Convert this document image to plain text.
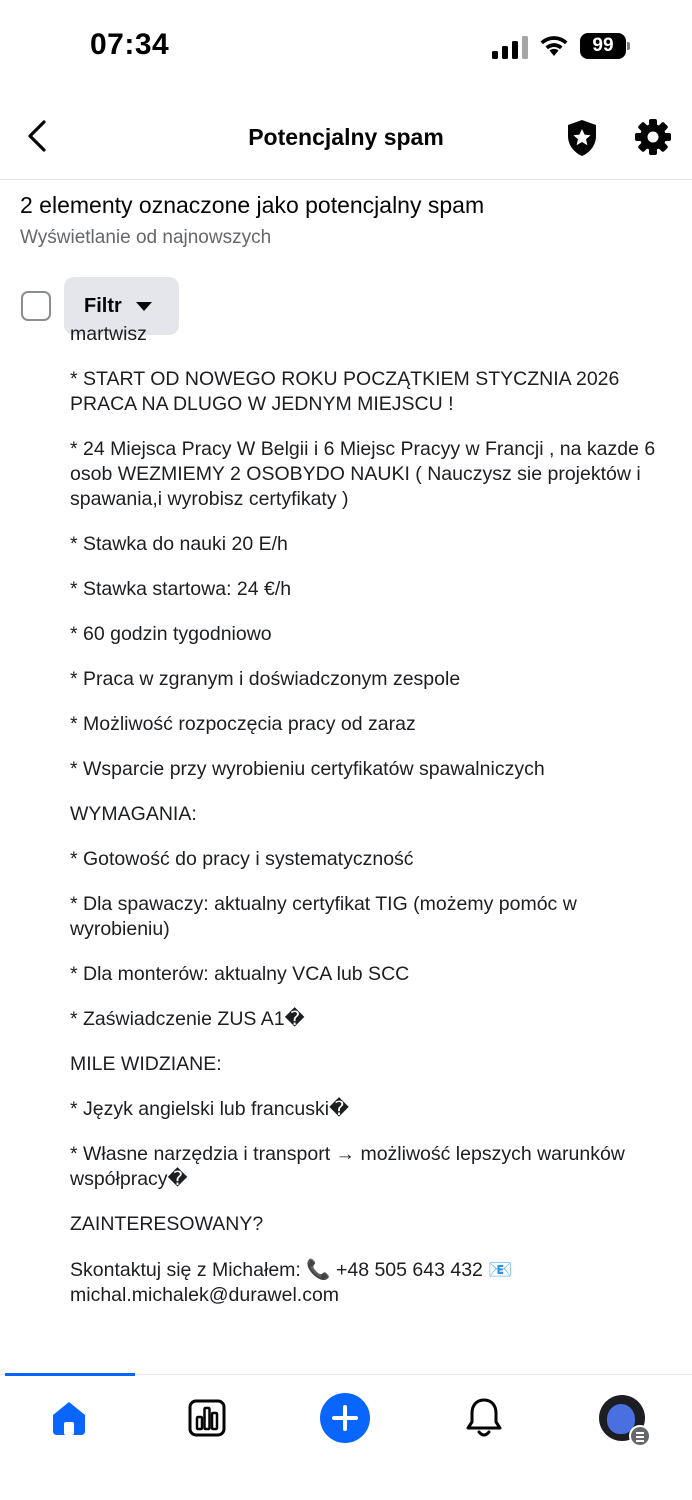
07:34	99
Potencjalny spam
2 elementy oznaczone jako potencjalny spam
Wyświetlanie od najnowszych
Filtr

martwisz

* START OD NOWEGO ROKU POCZĄTKIEM STYCZNIA 2026   PRACA NA DLUGO W JEDNYM MIEJSCU !

* 24 Miejsca Pracy W Belgii i 6 Miejsc Pracyy w Francji , na kazde 6 osob WEZMIEMY 2 OSOBYDO NAUKI ( Nauczysz sie projektów i  spawania,i wyrobisz certyfikaty )

* Stawka do nauki 20 E/h

* Stawka startowa: 24 €/h

* 60 godzin tygodniowo

* Praca w zgranym i doświadczonym zespole

* Możliwość rozpoczęcia pracy od zaraz

* Wsparcie przy wyrobieniu certyfikatów spawalniczych

WYMAGANIA:

* Gotowość do pracy i systematyczność

* Dla spawaczy: aktualny certyfikat TIG (możemy pomóc w wyrobieniu)

* Dla monterów: aktualny VCA lub SCC

* Zaświadczenie ZUS A1�

MILE WIDZIANE:

* Język angielski lub francuski�

* Własne narzędzia i transport → możliwość lepszych warunków współpracy�

ZAINTERESOWANY?

Skontaktuj się z Michałem: 📞 +48 505 643 432 📧
michal.michalek@durawel.com
